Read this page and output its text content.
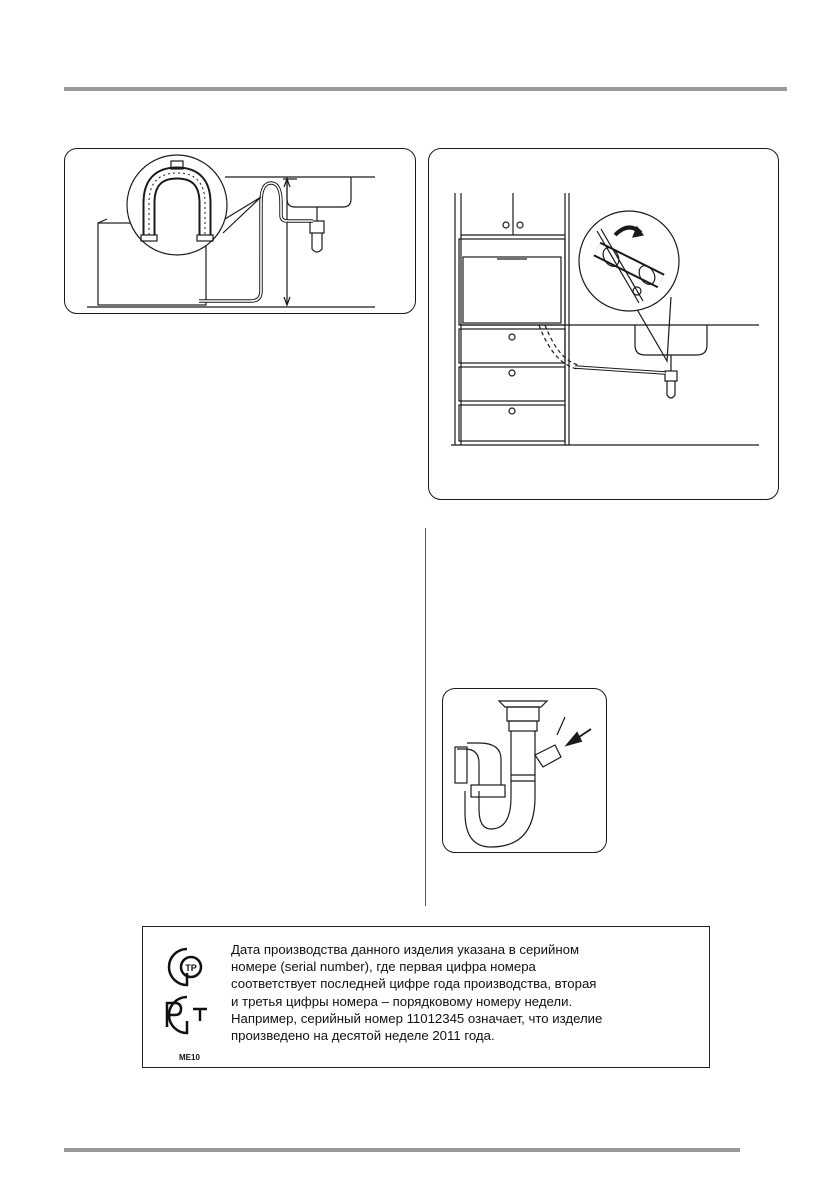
ТР
МЕ10
Дата производства данного изделия указана в серийном
номере (serial number), где первая цифра номера
соответствует последней цифре года производства, вторая
и третья цифры номера – порядковому номеру недели.
Например, серийный номер 11012345 означает, что изделие
произведено на десятой неделе 2011 года.
